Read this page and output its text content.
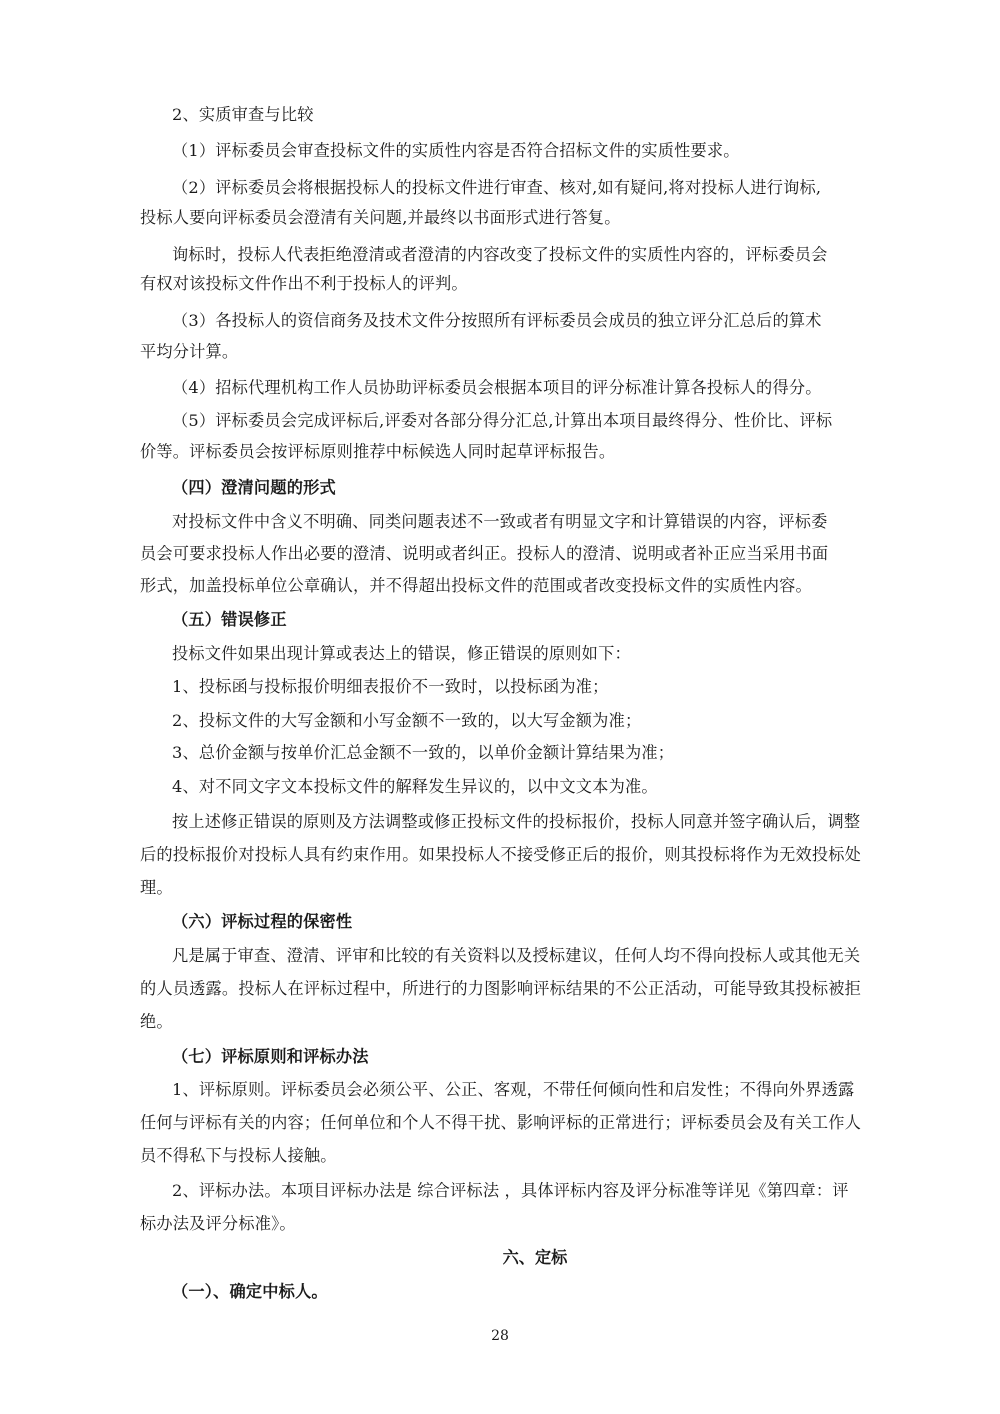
2、实质审查与比较
（1）评标委员会审查投标文件的实质性内容是否符合招标文件的实质性要求。
（2）评标委员会将根据投标人的投标文件进行审查、核对,如有疑问,将对投标人进行询标,
投标人要向评标委员会澄清有关问题,并最终以书面形式进行答复。
询标时，投标人代表拒绝澄清或者澄清的内容改变了投标文件的实质性内容的，评标委员会
有权对该投标文件作出不利于投标人的评判。
（3）各投标人的资信商务及技术文件分按照所有评标委员会成员的独立评分汇总后的算术
平均分计算。
（4）招标代理机构工作人员协助评标委员会根据本项目的评分标准计算各投标人的得分。
（5）评标委员会完成评标后,评委对各部分得分汇总,计算出本项目最终得分、性价比、评标
价等。评标委员会按评标原则推荐中标候选人同时起草评标报告。
（四）澄清问题的形式
对投标文件中含义不明确、同类问题表述不一致或者有明显文字和计算错误的内容，评标委
员会可要求投标人作出必要的澄清、说明或者纠正。投标人的澄清、说明或者补正应当采用书面
形式，加盖投标单位公章确认，并不得超出投标文件的范围或者改变投标文件的实质性内容。
（五）错误修正
投标文件如果出现计算或表达上的错误，修正错误的原则如下：
1、投标函与投标报价明细表报价不一致时，以投标函为准；
2、投标文件的大写金额和小写金额不一致的，以大写金额为准；
3、总价金额与按单价汇总金额不一致的，以单价金额计算结果为准；
4、对不同文字文本投标文件的解释发生异议的，以中文文本为准。
按上述修正错误的原则及方法调整或修正投标文件的投标报价，投标人同意并签字确认后，调整
后的投标报价对投标人具有约束作用。如果投标人不接受修正后的报价，则其投标将作为无效投标处
理。
（六）评标过程的保密性
凡是属于审查、澄清、评审和比较的有关资料以及授标建议，任何人均不得向投标人或其他无关
的人员透露。投标人在评标过程中，所进行的力图影响评标结果的不公正活动，可能导致其投标被拒
绝。
（七）评标原则和评标办法
1、评标原则。评标委员会必须公平、公正、客观，不带任何倾向性和启发性；不得向外界透露
任何与评标有关的内容；任何单位和个人不得干扰、影响评标的正常进行；评标委员会及有关工作人
员不得私下与投标人接触。
2、评标办法。本项目评标办法是 综合评标法 ，具体评标内容及评分标准等详见《第四章：评
标办法及评分标准》。
六、定标
（一）、确定中标人。
28
